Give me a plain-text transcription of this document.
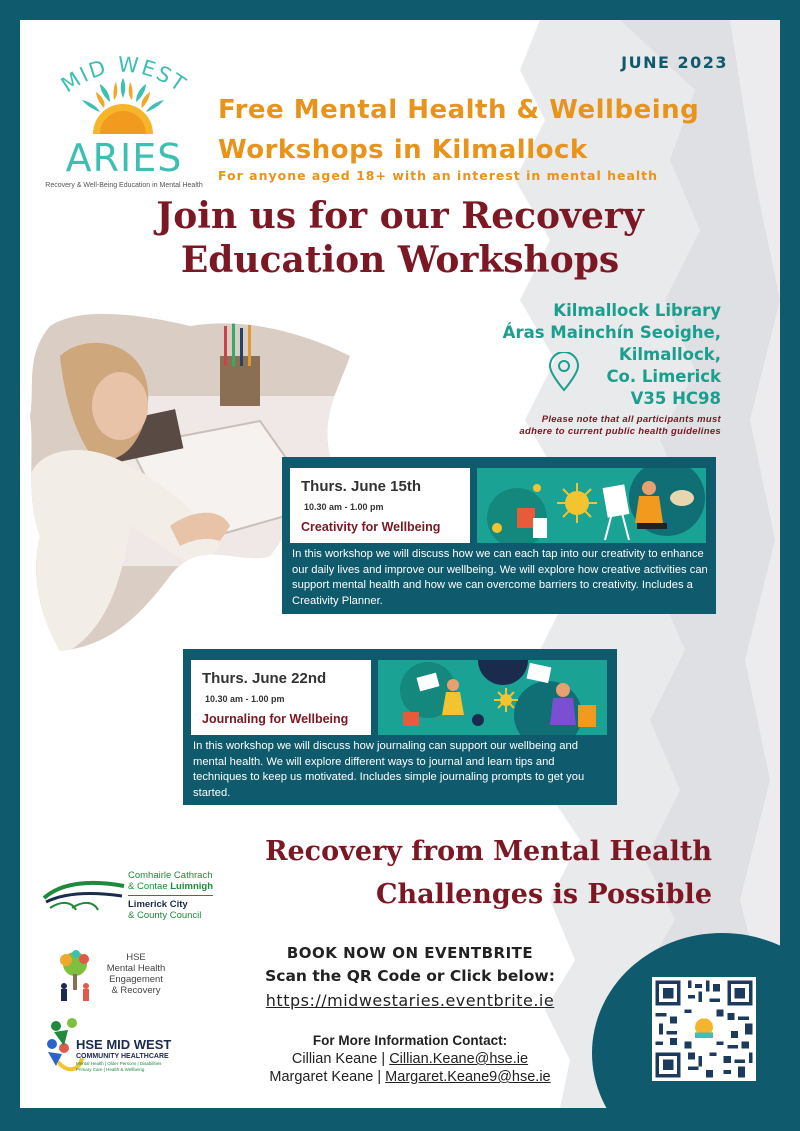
MID WEST
ARIES
Recovery & Well-Being Education in Mental Health
JUNE 2023
Free Mental Health & Wellbeing
Workshops in Kilmallock
For anyone aged 18+ with an interest in mental health
Join us for our Recovery
Education Workshops
Kilmallock Library
Áras Mainchín Seoighe,
Kilmallock,
Co. Limerick
V35 HC98
Please note that all participants must
adhere to current public health guidelines
Thurs. June 15th
10.30 am - 1.00 pm
Creativity for Wellbeing
In this workshop we will discuss how we can each tap into our creativity to enhance our daily lives and improve our wellbeing. We will explore how creative activities can support mental health and how we can overcome barriers to creativity. Includes a Creativity Planner.
Thurs. June 22nd
10.30 am - 1.00 pm
Journaling for Wellbeing
In this workshop we will discuss how journaling can support our wellbeing and mental health. We will explore different ways to journal and learn tips and techniques to keep us motivated. Includes simple journaling prompts to get you started.
Recovery from Mental Health
Challenges is Possible
Comhairle Cathrach
& Contae Luimnigh
Limerick City
& County Council
HSE
Mental Health
Engagement
& Recovery
HSE MID WEST
COMMUNITY HEALTHCARE
Mental Health | Older Persons | Disabilities
Primary Care | Health & Wellbeing
BOOK NOW ON EVENTBRITE
Scan the QR Code or Click below:
https://midwestaries.eventbrite.ie
For More Information Contact:
Cillian Keane | Cillian.Keane@hse.ie
Margaret Keane | Margaret.Keane9@hse.ie
